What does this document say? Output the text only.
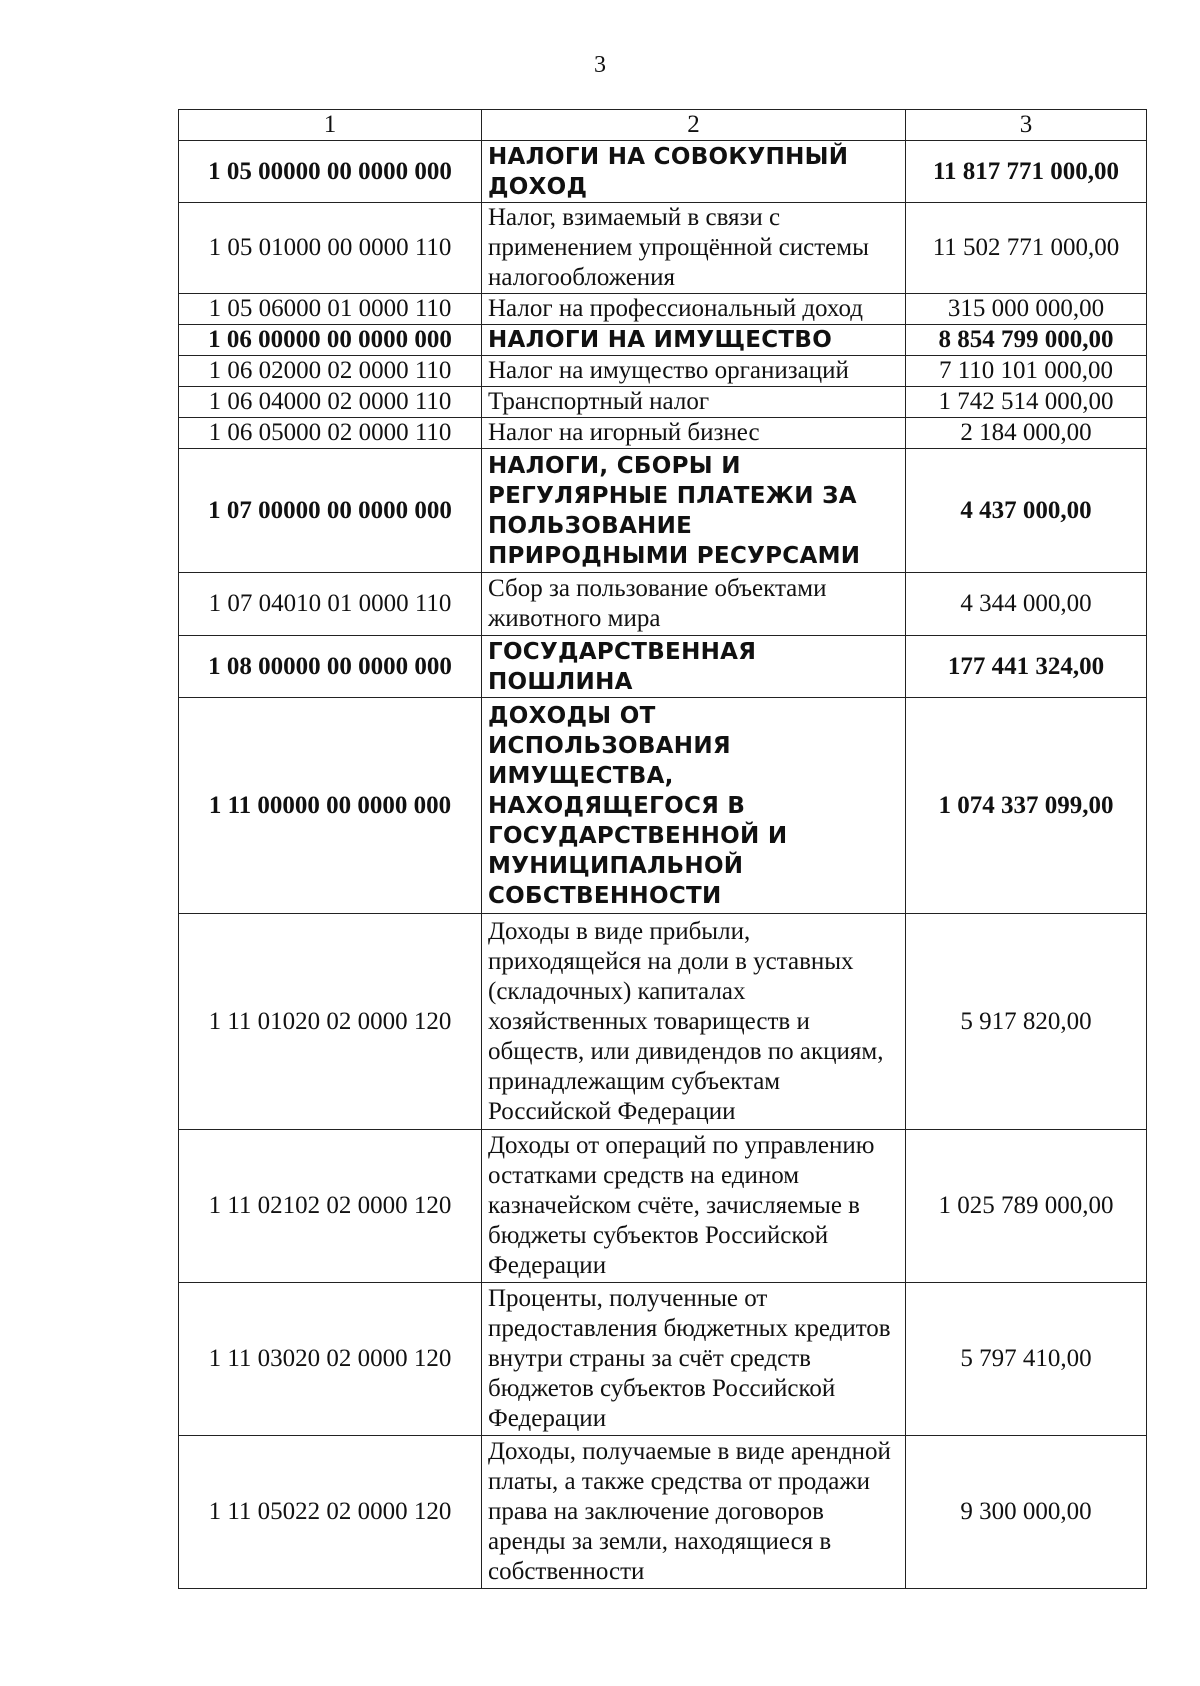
3
1	2	3
1 05 00000 00 0000 000	НАЛОГИ НА СОВОКУПНЫЙ ДОХОД	11 817 771 000,00
1 05 01000 00 0000 110	Налог, взимаемый в связи с применением упрощённой системы налогообложения	11 502 771 000,00
1 05 06000 01 0000 110	Налог на профессиональный доход	315 000 000,00
1 06 00000 00 0000 000	НАЛОГИ НА ИМУЩЕСТВО	8 854 799 000,00
1 06 02000 02 0000 110	Налог на имущество организаций	7 110 101 000,00
1 06 04000 02 0000 110	Транспортный налог	1 742 514 000,00
1 06 05000 02 0000 110	Налог на игорный бизнес	2 184 000,00
1 07 00000 00 0000 000	НАЛОГИ, СБОРЫ И РЕГУЛЯРНЫЕ ПЛАТЕЖИ ЗА ПОЛЬЗОВАНИЕ ПРИРОДНЫМИ РЕСУРСАМИ	4 437 000,00
1 07 04010 01 0000 110	Сбор за пользование объектами животного мира	4 344 000,00
1 08 00000 00 0000 000	ГОСУДАРСТВЕННАЯ ПОШЛИНА	177 441 324,00
1 11 00000 00 0000 000	ДОХОДЫ ОТ ИСПОЛЬЗОВАНИЯ ИМУЩЕСТВА, НАХОДЯЩЕГОСЯ В ГОСУДАРСТВЕННОЙ И МУНИЦИПАЛЬНОЙ СОБСТВЕННОСТИ	1 074 337 099,00
1 11 01020 02 0000 120	Доходы в виде прибыли, приходящейся на доли в уставных (складочных) капиталах хозяйственных товариществ и обществ, или дивидендов по акциям, принадлежащим субъектам Российской Федерации	5 917 820,00
1 11 02102 02 0000 120	Доходы от операций по управлению остатками средств на едином казначейском счёте, зачисляемые в бюджеты субъектов Российской Федерации	1 025 789 000,00
1 11 03020 02 0000 120	Проценты, полученные от предоставления бюджетных кредитов внутри страны за счёт средств бюджетов субъектов Российской Федерации	5 797 410,00
1 11 05022 02 0000 120	Доходы, получаемые в виде арендной платы, а также средства от продажи права на заключение договоров аренды за земли, находящиеся в собственности	9 300 000,00
